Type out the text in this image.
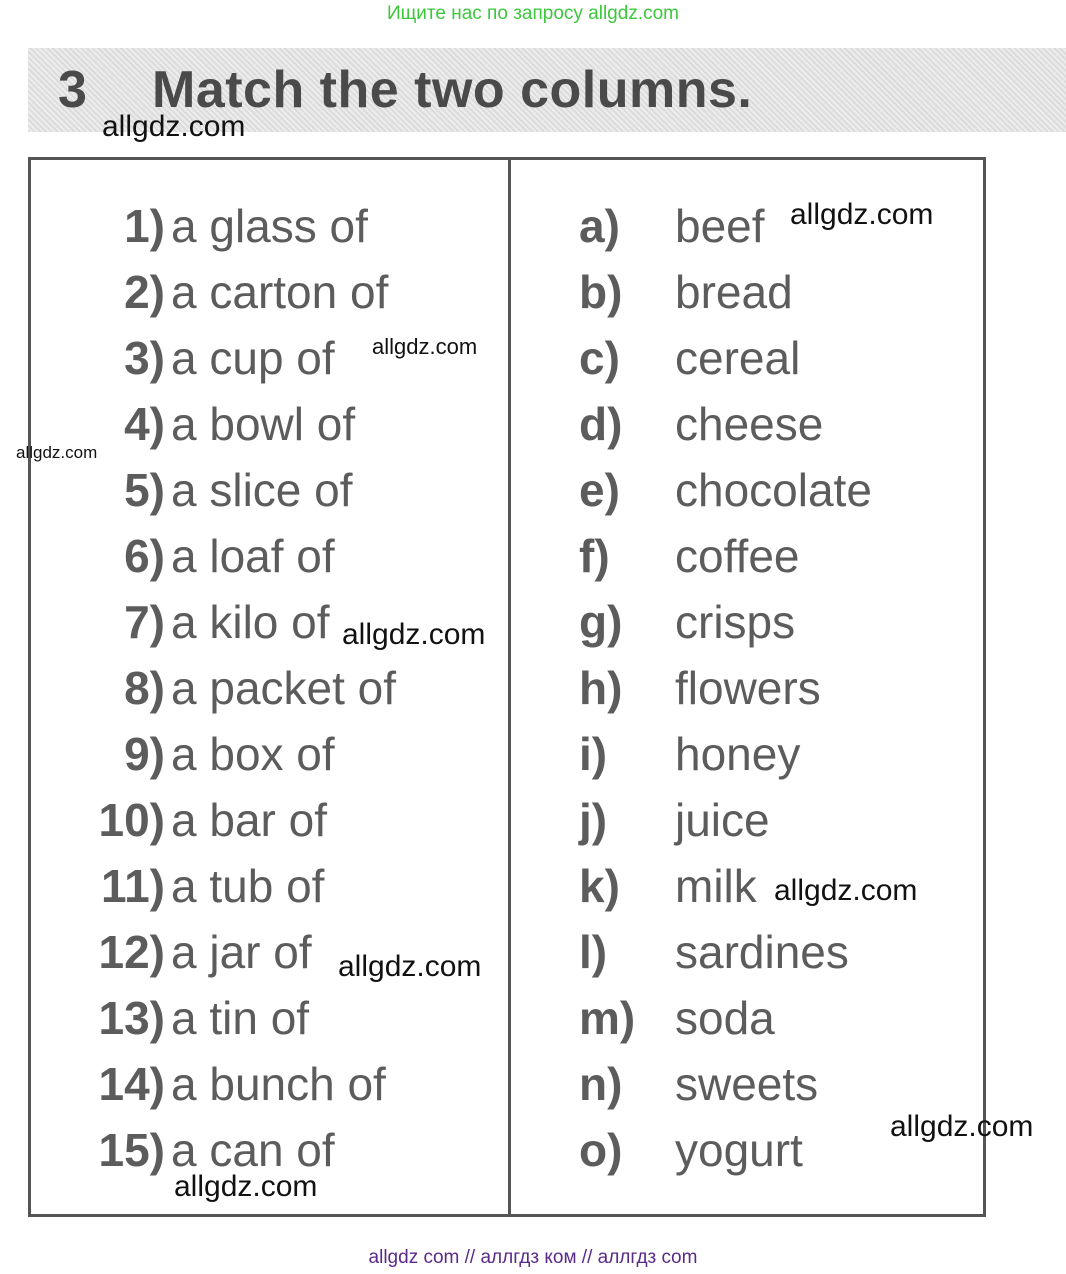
Ищите нас по запросу allgdz.com
3 Match the two columns.
1) a glass of
2) a carton of
3) a cup of
4) a bowl of
5) a slice of
6) a loaf of
7) a kilo of
8) a packet of
9) a box of
10) a bar of
11) a tub of
12) a jar of
13) a tin of
14) a bunch of
15) a can of
a) beef
b) bread
c) cereal
d) cheese
e) chocolate
f) coffee
g) crisps
h) flowers
i) honey
j) juice
k) milk
l) sardines
m) soda
n) sweets
o) yogurt
allgdz.com
allgdz.com
allgdz.com
allgdz.com
allgdz.com
allgdz.com
allgdz.com
allgdz.com
allgdz.com
allgdz com // аллгдз ком // аллгдз com
